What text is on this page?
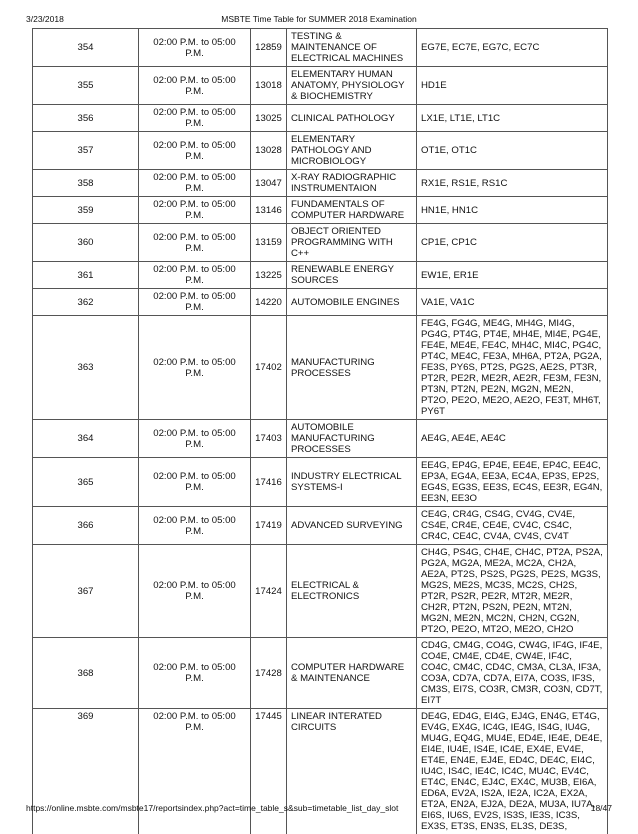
3/23/2018	MSBTE Time Table for SUMMER 2018 Examination
354	02:00 P.M. to 05:00 P.M.	12859	TESTING & MAINTENANCE OF ELECTRICAL MACHINES	EG7E, EC7E, EG7C, EC7C
355	02:00 P.M. to 05:00 P.M.	13018	ELEMENTARY HUMAN ANATOMY, PHYSIOLOGY & BIOCHEMISTRY	HD1E
356	02:00 P.M. to 05:00 P.M.	13025	CLINICAL PATHOLOGY	LX1E, LT1E, LT1C
357	02:00 P.M. to 05:00 P.M.	13028	ELEMENTARY PATHOLOGY AND MICROBIOLOGY	OT1E, OT1C
358	02:00 P.M. to 05:00 P.M.	13047	X-RAY RADIOGRAPHIC INSTRUMENTAION	RX1E, RS1E, RS1C
359	02:00 P.M. to 05:00 P.M.	13146	FUNDAMENTALS OF COMPUTER HARDWARE	HN1E, HN1C
360	02:00 P.M. to 05:00 P.M.	13159	OBJECT ORIENTED PROGRAMMING WITH C++	CP1E, CP1C
361	02:00 P.M. to 05:00 P.M.	13225	RENEWABLE ENERGY SOURCES	EW1E, ER1E
362	02:00 P.M. to 05:00 P.M.	14220	AUTOMOBILE ENGINES	VA1E, VA1C
363	02:00 P.M. to 05:00 P.M.	17402	MANUFACTURING PROCESSES	FE4G, FG4G, ME4G, MH4G, MI4G, PG4G, PT4G, PT4E, MH4E, MI4E, PG4E, FE4E, ME4E, FE4C, MH4C, MI4C, PG4C, PT4C, ME4C, FE3A, MH6A, PT2A, PG2A, FE3S, PY6S, PT2S, PG2S, AE2S, PT3R, PT2R, PE2R, ME2R, AE2R, FE3M, FE3N, PT3N, PT2N, PE2N, MG2N, ME2N, PT2O, PE2O, ME2O, AE2O, FE3T, MH6T, PY6T
364	02:00 P.M. to 05:00 P.M.	17403	AUTOMOBILE MANUFACTURING PROCESSES	AE4G, AE4E, AE4C
365	02:00 P.M. to 05:00 P.M.	17416	INDUSTRY ELECTRICAL SYSTEMS-I	EE4G, EP4G, EP4E, EE4E, EP4C, EE4C, EP3A, EG4A, EE3A, EC4A, EP3S, EP2S, EG4S, EG3S, EE3S, EC4S, EE3R, EG4N, EE3N, EE3O
366	02:00 P.M. to 05:00 P.M.	17419	ADVANCED SURVEYING	CE4G, CR4G, CS4G, CV4G, CV4E, CS4E, CR4E, CE4E, CV4C, CS4C, CR4C, CE4C, CV4A, CV4S, CV4T
367	02:00 P.M. to 05:00 P.M.	17424	ELECTRICAL & ELECTRONICS	CH4G, PS4G, CH4E, CH4C, PT2A, PS2A, PG2A, MG2A, ME2A, MC2A, CH2A, AE2A, PT2S, PS2S, PG2S, PE2S, MG3S, MG2S, ME2S, MC3S, MC2S, CH2S, PT2R, PS2R, PE2R, MT2R, ME2R, CH2R, PT2N, PS2N, PE2N, MT2N, MG2N, ME2N, MC2N, CH2N, CG2N, PT2O, PE2O, MT2O, ME2O, CH2O
368	02:00 P.M. to 05:00 P.M.	17428	COMPUTER HARDWARE & MAINTENANCE	CD4G, CM4G, CO4G, CW4G, IF4G, IF4E, CO4E, CM4E, CD4E, CW4E, IF4C, CO4C, CM4C, CD4C, CM3A, CL3A, IF3A, CO3A, CD7A, CD7A, EI7A, CO3S, IF3S, CM3S, EI7S, CO3R, CM3R, CO3N, CD7T, EI7T
369	02:00 P.M. to 05:00 P.M.	17445	LINEAR INTERATED CIRCUITS	DE4G, ED4G, EI4G, EJ4G, EN4G, ET4G, EV4G, EX4G, IC4G, IE4G, IS4G, IU4G, MU4G, EQ4G, MU4E, ED4E, IE4E, DE4E, EI4E, IU4E, IS4E, IC4E, EX4E, EV4E, ET4E, EN4E, EJ4E, ED4C, DE4C, EI4C, IU4C, IS4C, IE4C, IC4C, MU4C, EV4C, ET4C, EN4C, EJ4C, EX4C, MU3B, EI6A, ED6A, EV2A, IS2A, IE2A, IC2A, EX2A, ET2A, EN2A, EJ2A, DE2A, MU3A, IU7A, EI6S, IU6S, EV2S, IS3S, IE3S, IC3S, EX3S, ET3S, EN3S, EL3S, DE3S,
https://online.msbte.com/msbte17/reportsindex.php?act=time_table_s&sub=timetable_list_day_slot	18/47
